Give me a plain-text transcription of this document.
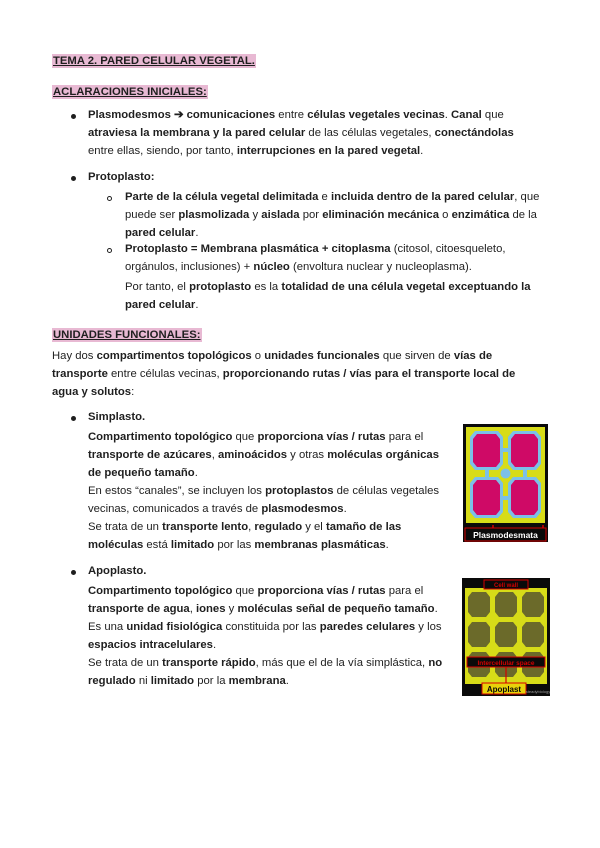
TEMA 2. PARED CELULAR VEGETAL.
ACLARACIONES INICIALES:
Plasmodesmos ➔ comunicaciones entre células vegetales vecinas. Canal que
atraviesa la membrana y la pared celular de las células vegetales, conectándolas
entre ellas, siendo, por tanto, interrupciones en la pared vegetal.
Protoplasto:
Parte de la célula vegetal delimitada e incluida dentro de la pared celular, que
puede ser plasmolizada y aislada por eliminación mecánica o enzimática de la
pared celular.
Protoplasto = Membrana plasmática + citoplasma (citosol, citoesqueleto,
orgánulos, inclusiones) + núcleo (envoltura nuclear y nucleoplasma).
Por tanto, el protoplasto es la totalidad de una célula vegetal exceptuando la
pared celular.
UNIDADES FUNCIONALES:
Hay dos compartimentos topológicos o unidades funcionales que sirven de vías de
transporte entre células vecinas, proporcionando rutas / vías para el transporte local de
agua y solutos:
Simplasto.
Compartimento topológico que proporciona vías / rutas para el
transporte de azúcares, aminoácidos y otras moléculas orgánicas
de pequeño tamaño.
En estos “canales”, se incluyen los protoplastos de células vegetales
vecinas, comunicados a través de plasmodesmos.
Se trata de un transporte lento, regulado y el tamaño de las
moléculas está limitado por las membranas plasmáticas.
Plasmodesmata
Apoplasto.
Compartimento topológico que proporciona vías / rutas para el
transporte de agua, iones y moléculas señal de pequeño tamaño.
Es una unidad fisiológica constituida por las paredes celulares y los
espacios intracelulares.
Se trata de un transporte rápido, más que el de la vía simplástica, no
regulado ni limitado por la membrana.
Cell wall
Intercellular space
Apoplast steadybiology
